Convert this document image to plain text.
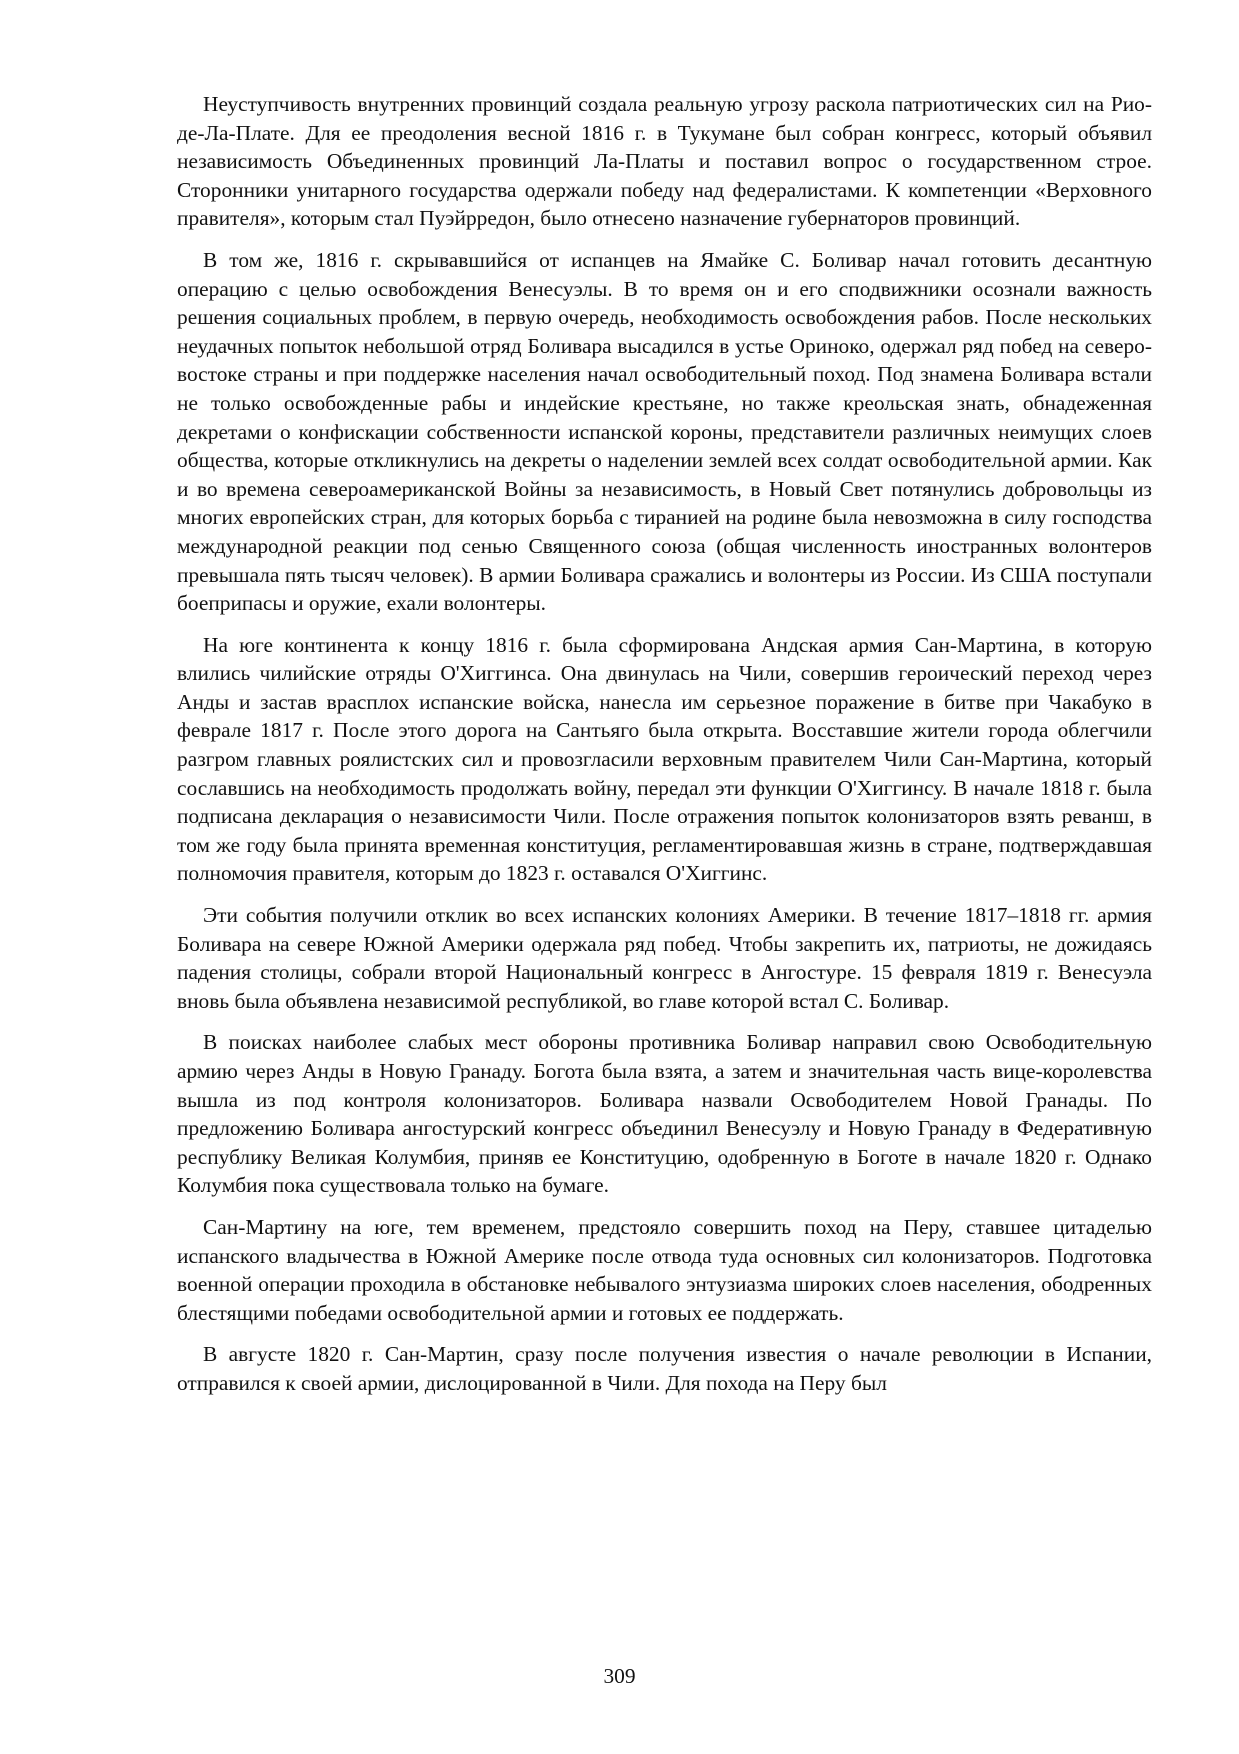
Неуступчивость внутренних провинций создала реальную угрозу раскола патриотических сил на Рио-де-Ла-Плате. Для ее преодоления весной 1816 г. в Тукумане был собран конгресс, который объявил независимость Объединенных провинций Ла-Платы и поставил вопрос о государственном строе. Сторонники унитарного государства одержали победу над федералистами. К компетенции «Верховного правителя», которым стал Пуэйрредон, было отнесено назначение губернаторов провинций.

В том же, 1816 г. скрывавшийся от испанцев на Ямайке С. Боливар начал готовить десантную операцию с целью освобождения Венесуэлы. В то время он и его сподвижники осознали важность решения социальных проблем, в первую очередь, необходимость освобождения рабов. После нескольких неудачных попыток небольшой отряд Боливара высадился в устье Ориноко, одержал ряд побед на северо-востоке страны и при поддержке населения начал освободительный поход. Под знамена Боливара встали не только освобожденные рабы и индейские крестьяне, но также креольская знать, обнадеженная декретами о конфискации собственности испанской короны, представители различных неимущих слоев общества, которые откликнулись на декреты о наделении землей всех солдат освободительной армии. Как и во времена североамериканской Войны за независимость, в Новый Свет потянулись добровольцы из многих европейских стран, для которых борьба с тиранией на родине была невозможна в силу господства международной реакции под сенью Священного союза (общая численность иностранных волонтеров превышала пять тысяч человек). В армии Боливара сражались и волонтеры из России. Из США поступали боеприпасы и оружие, ехали волонтеры.

На юге континента к концу 1816 г. была сформирована Андская армия Сан-Мартина, в которую влились чилийские отряды О'Хиггинса. Она двинулась на Чили, совершив героический переход через Анды и застав врасплох испанские войска, нанесла им серьезное поражение в битве при Чакабуко в феврале 1817 г. После этого дорога на Сантьяго была открыта. Восставшие жители города облегчили разгром главных роялистских сил и провозгласили верховным правителем Чили Сан-Мартина, который сославшись на необходимость продолжать войну, передал эти функции О'Хиггинсу. В начале 1818 г. была подписана декларация о независимости Чили. После отражения попыток колонизаторов взять реванш, в том же году была принята временная конституция, регламентировавшая жизнь в стране, подтверждавшая полномочия правителя, которым до 1823 г. оставался О'Хиггинс.

Эти события получили отклик во всех испанских колониях Америки. В течение 1817–1818 гг. армия Боливара на севере Южной Америки одержала ряд побед. Чтобы закрепить их, патриоты, не дожидаясь падения столицы, собрали второй Национальный конгресс в Ангостуре. 15 февраля 1819 г. Венесуэла вновь была объявлена независимой республикой, во главе которой встал С. Боливар.

В поисках наиболее слабых мест обороны противника Боливар направил свою Освободительную армию через Анды в Новую Гранаду. Богота была взята, а затем и значительная часть вице-королевства вышла из под контроля колонизаторов. Боливара назвали Освободителем Новой Гранады. По предложению Боливара ангостурский конгресс объединил Венесуэлу и Новую Гранаду в Федеративную республику Великая Колумбия, приняв ее Конституцию, одобренную в Боготе в начале 1820 г. Однако Колумбия пока существовала только на бумаге.

Сан-Мартину на юге, тем временем, предстояло совершить поход на Перу, ставшее цитаделью испанского владычества в Южной Америке после отвода туда основных сил колонизаторов. Подготовка военной операции проходила в обстановке небывалого энтузиазма широких слоев населения, ободренных блестящими победами освободительной армии и готовых ее поддержать.

В августе 1820 г. Сан-Мартин, сразу после получения известия о начале революции в Испании, отправился к своей армии, дислоцированной в Чили. Для похода на Перу был

309
